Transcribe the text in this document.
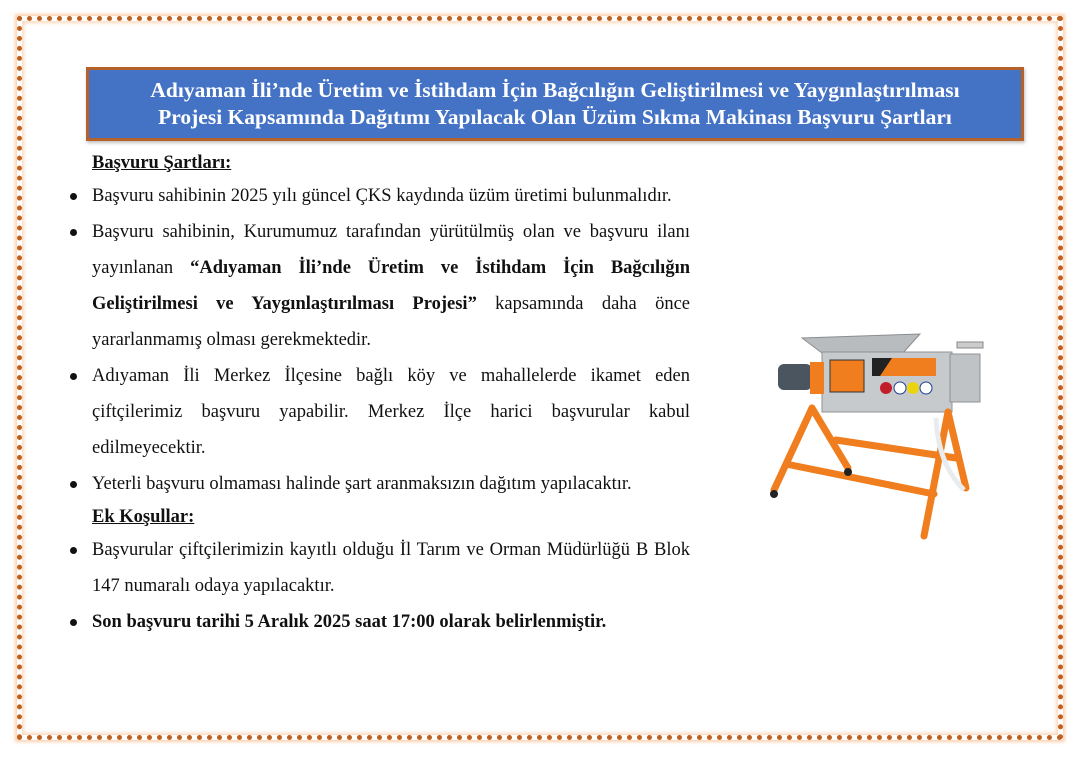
Adıyaman İli’nde Üretim ve İstihdam İçin Bağcılığın Geliştirilmesi ve Yaygınlaştırılması
Projesi Kapsamında Dağıtımı Yapılacak Olan Üzüm Sıkma Makinası Başvuru Şartları
Başvuru Şartları:
Başvuru sahibinin 2025 yılı güncel ÇKS kaydında üzüm üretimi bulunmalıdır.
Başvuru sahibinin, Kurumumuz tarafından yürütülmüş olan ve başvuru ilanı yayınlanan “Adıyaman İli’nde Üretim ve İstihdam İçin Bağcılığın Geliştirilmesi ve Yaygınlaştırılması Projesi” kapsamında daha önce yararlanmamış olması gerekmektedir.
Adıyaman İli Merkez İlçesine bağlı köy ve mahallelerde ikamet eden çiftçilerimiz başvuru yapabilir. Merkez İlçe harici başvurular kabul edilmeyecektir.
Yeterli başvuru olmaması halinde şart aranmaksızın dağıtım yapılacaktır.
Ek Koşullar:
Başvurular çiftçilerimizin kayıtlı olduğu İl Tarım ve Orman Müdürlüğü B Blok 147 numaralı odaya yapılacaktır.
Son başvuru tarihi 5 Aralık 2025 saat 17:00 olarak belirlenmiştir.
